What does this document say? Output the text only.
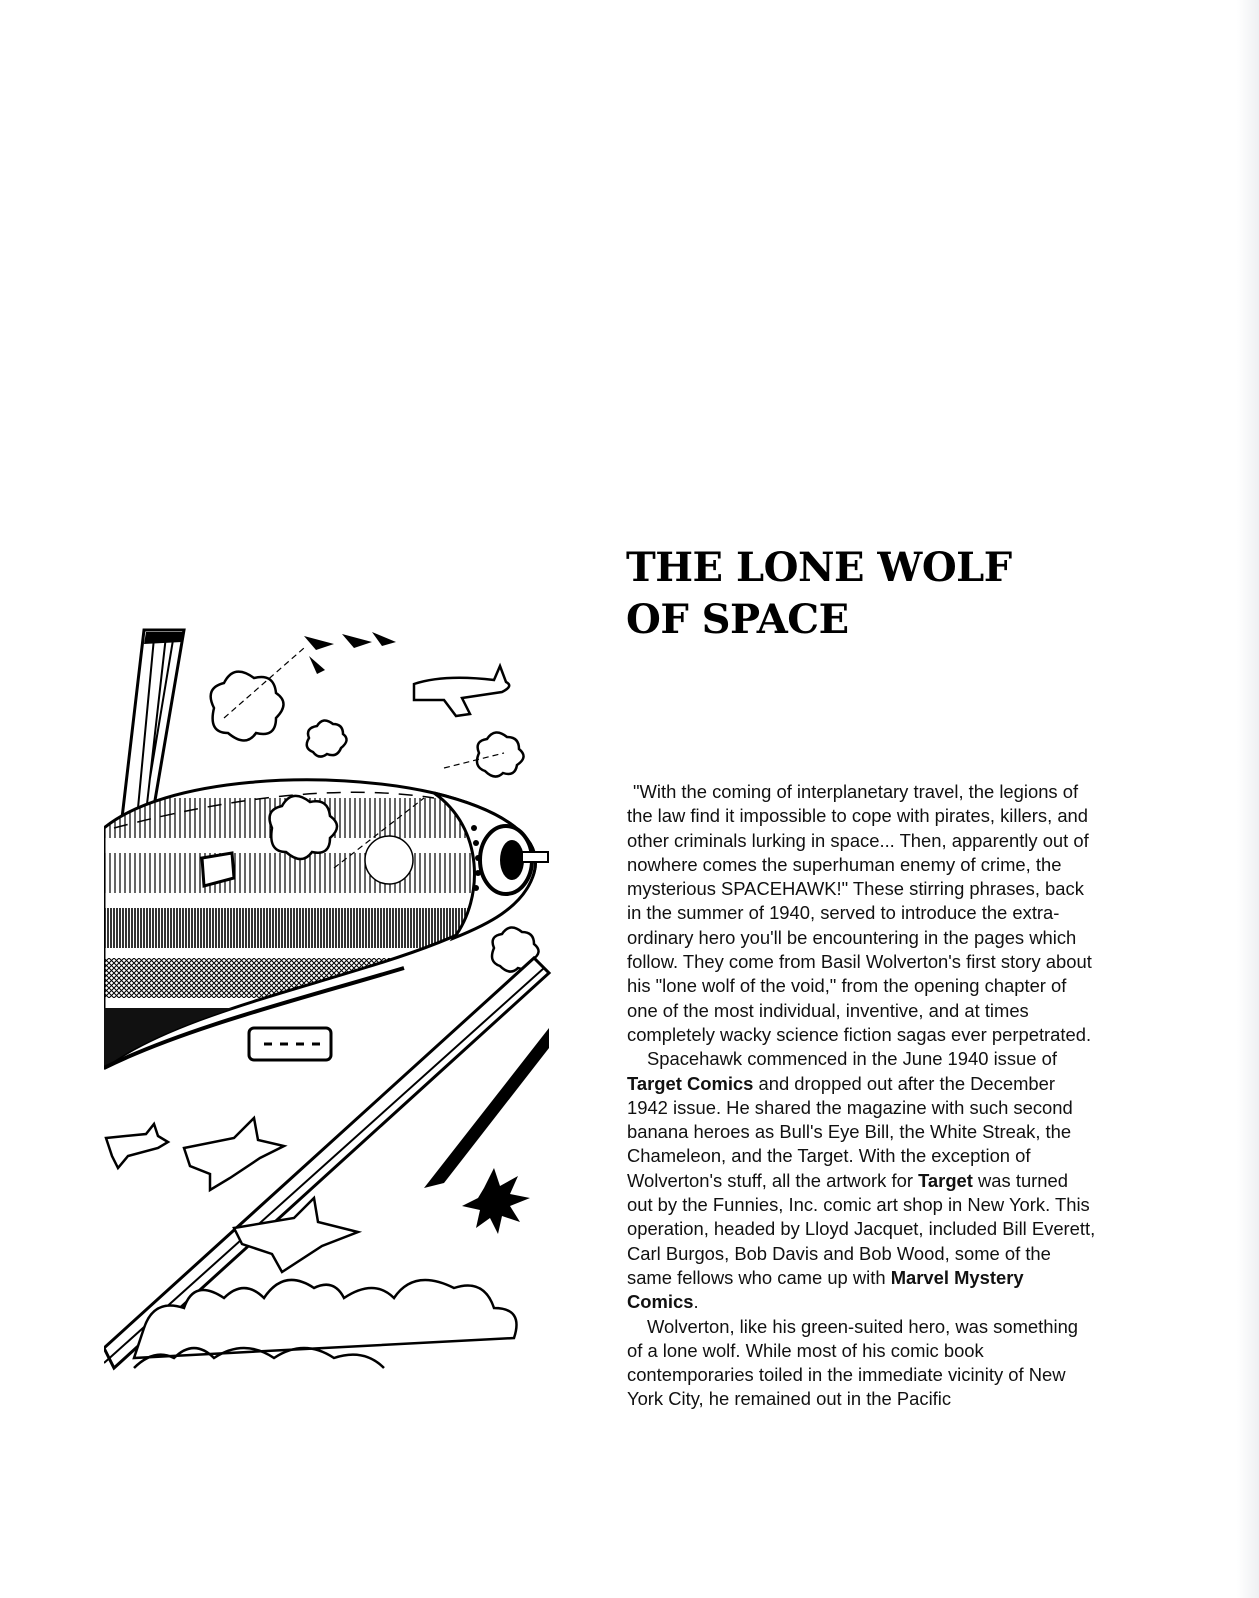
THE LONE WOLF
OF SPACE

"With the coming of interplanetary travel, the legions of the law find it impossible to cope with pirates, killers, and other criminals lurking in space... Then, apparently out of nowhere comes the superhuman enemy of crime, the mysterious SPACEHAWK!" These stirring phrases, back in the summer of 1940, served to introduce the extra-ordinary hero you'll be encountering in the pages which follow. They come from Basil Wolverton's first story about his "lone wolf of the void," from the opening chapter of one of the most individual, inventive, and at times completely wacky science fiction sagas ever perpetrated.

Spacehawk commenced in the June 1940 issue of Target Comics and dropped out after the December 1942 issue. He shared the magazine with such second banana heroes as Bull's Eye Bill, the White Streak, the Chameleon, and the Target. With the exception of Wolverton's stuff, all the artwork for Target was turned out by the Funnies, Inc. comic art shop in New York. This operation, headed by Lloyd Jacquet, included Bill Everett, Carl Burgos, Bob Davis and Bob Wood, some of the same fellows who came up with Marvel Mystery Comics.

Wolverton, like his green-suited hero, was something of a lone wolf. While most of his comic book contemporaries toiled in the immediate vicinity of New York City, he remained out in the Pacific
